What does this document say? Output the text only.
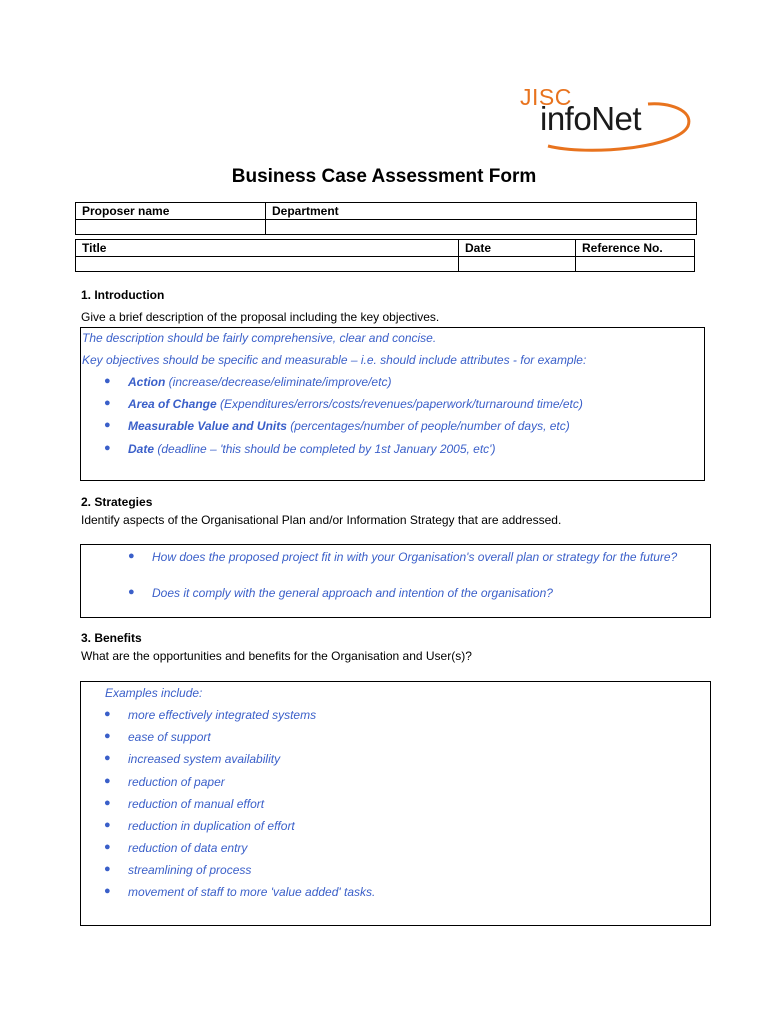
JISC
infoNet
Business Case Assessment Form
Proposer name	Department

Title	Date	Reference No.

1. Introduction
Give a brief description of the proposal including the key objectives.
The description should be fairly comprehensive, clear and concise.
Key objectives should be specific and measurable – i.e. should include attributes - for example:
● Action (increase/decrease/eliminate/improve/etc)
● Area of Change (Expenditures/errors/costs/revenues/paperwork/turnaround time/etc)
● Measurable Value and Units (percentages/number of people/number of days, etc)
● Date (deadline – 'this should be completed by 1st January 2005, etc')
2. Strategies
Identify aspects of the Organisational Plan and/or Information Strategy that are addressed.
● How does the proposed project fit in with your Organisation's overall plan or strategy for the future?
● Does it comply with the general approach and intention of the organisation?
3. Benefits
What are the opportunities and benefits for the Organisation and User(s)?
Examples include:
● more effectively integrated systems
● ease of support
● increased system availability
● reduction of paper
● reduction of manual effort
● reduction in duplication of effort
● reduction of data entry
● streamlining of process
● movement of staff to more 'value added' tasks.
